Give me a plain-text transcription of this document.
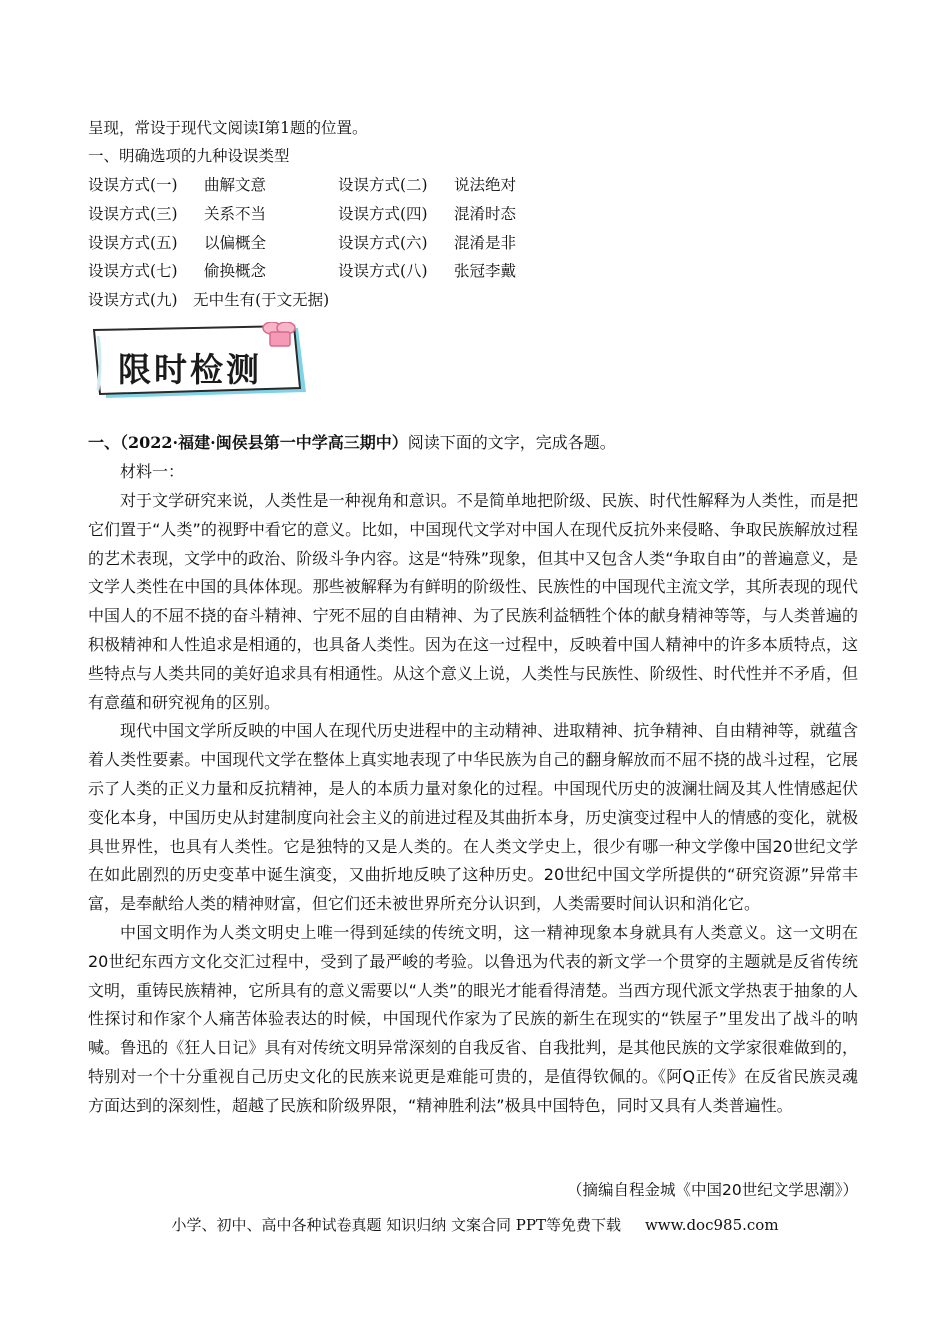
呈现，常设于现代文阅读Ⅰ第1题的位置。
一、明确选项的九种设误类型
设误方式(一) 曲解文意	设误方式(二) 说法绝对
设误方式(三) 关系不当	设误方式(四) 混淆时态
设误方式(五) 以偏概全	设误方式(六) 混淆是非
设误方式(七) 偷换概念	设误方式(八) 张冠李戴
设误方式(九)　无中生有(于文无据)
限时检测
一、（2022·福建·闽侯县第一中学高三期中）阅读下面的文字，完成各题。

材料一：

对于文学研究来说，人类性是一种视角和意识。不是简单地把阶级、民族、时代性解释为人类性，而是把它们置于“人类”的视野中看它的意义。比如，中国现代文学对中国人在现代反抗外来侵略、争取民族解放过程的艺术表现，文学中的政治、阶级斗争内容。这是“特殊”现象，但其中又包含人类“争取自由”的普遍意义，是文学人类性在中国的具体体现。那些被解释为有鲜明的阶级性、民族性的中国现代主流文学，其所表现的现代中国人的不屈不挠的奋斗精神、宁死不屈的自由精神、为了民族利益牺牲个体的献身精神等等，与人类普遍的积极精神和人性追求是相通的，也具备人类性。因为在这一过程中，反映着中国人精神中的许多本质特点，这些特点与人类共同的美好追求具有相通性。从这个意义上说，人类性与民族性、阶级性、时代性并不矛盾，但有意蕴和研究视角的区别。

现代中国文学所反映的中国人在现代历史进程中的主动精神、进取精神、抗争精神、自由精神等，就蕴含着人类性要素。中国现代文学在整体上真实地表现了中华民族为自己的翻身解放而不屈不挠的战斗过程，它展示了人类的正义力量和反抗精神，是人的本质力量对象化的过程。中国现代历史的波澜壮阔及其人性情感起伏变化本身，中国历史从封建制度向社会主义的前进过程及其曲折本身，历史演变过程中人的情感的变化，就极具世界性，也具有人类性。它是独特的又是人类的。在人类文学史上，很少有哪一种文学像中国20世纪文学在如此剧烈的历史变革中诞生演变，又曲折地反映了这种历史。20世纪中国文学所提供的“研究资源”异常丰富，是奉献给人类的精神财富，但它们还未被世界所充分认识到，人类需要时间认识和消化它。

中国文明作为人类文明史上唯一得到延续的传统文明，这一精神现象本身就具有人类意义。这一文明在20世纪东西方文化交汇过程中，受到了最严峻的考验。以鲁迅为代表的新文学一个贯穿的主题就是反省传统文明，重铸民族精神，它所具有的意义需要以“人类”的眼光才能看得清楚。当西方现代派文学热衷于抽象的人性探讨和作家个人痛苦体验表达的时候，中国现代作家为了民族的新生在现实的“铁屋子”里发出了战斗的呐喊。鲁迅的《狂人日记》具有对传统文明异常深刻的自我反省、自我批判，是其他民族的文学家很难做到的，特别对一个十分重视自己历史文化的民族来说更是难能可贵的，是值得钦佩的。《阿Q正传》在反省民族灵魂方面达到的深刻性，超越了民族和阶级界限，“精神胜利法”极具中国特色，同时又具有人类普遍性。

（摘编自程金城《中国20世纪文学思潮》）
小学、初中、高中各种试卷真题 知识归纳 文案合同 PPT等免费下载 www.doc985.com
